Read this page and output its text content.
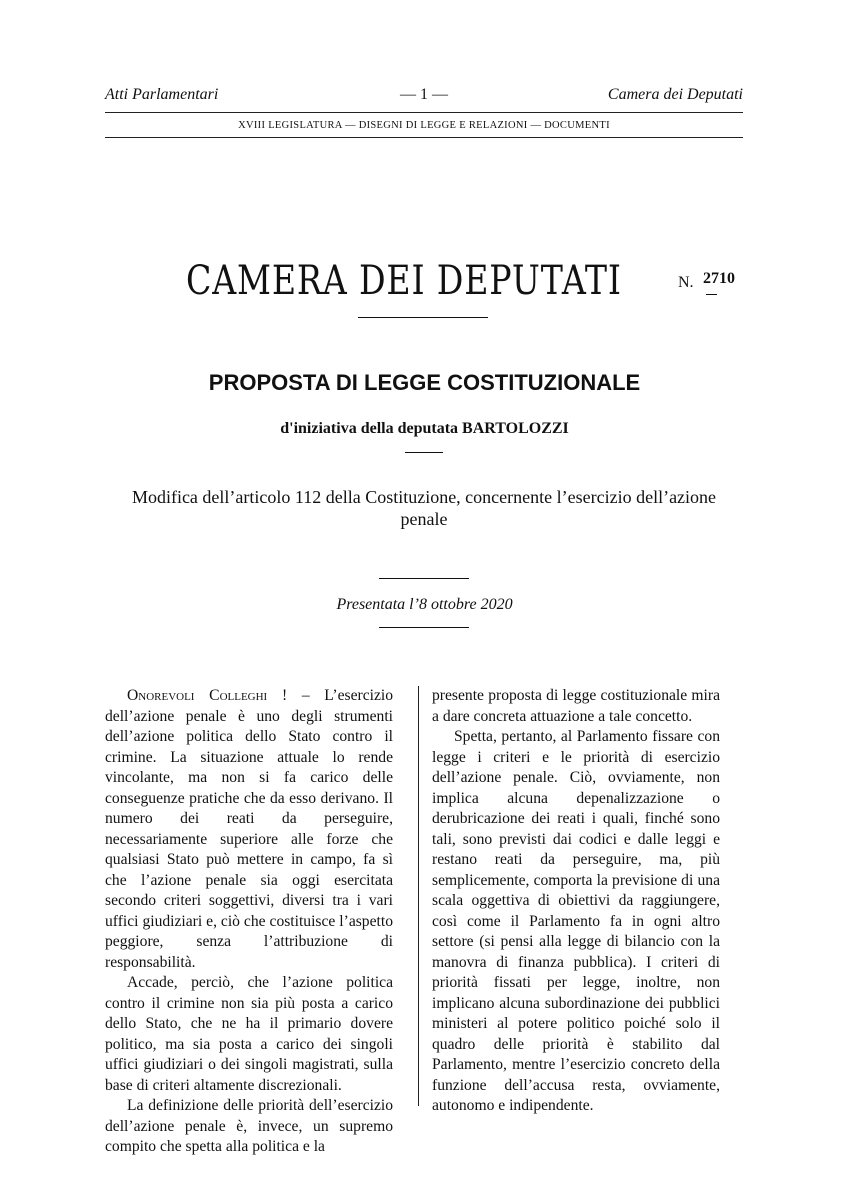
Atti Parlamentari	— 1 —	Camera dei Deputati
XVIII LEGISLATURA — DISEGNI DI LEGGE E RELAZIONI — DOCUMENTI
CAMERA DEI DEPUTATI	N. 2710
PROPOSTA DI LEGGE COSTITUZIONALE
d'iniziativa della deputata BARTOLOZZI
Modifica dell’articolo 112 della Costituzione, concernente l’esercizio dell’azione penale
Presentata l’8 ottobre 2020

Onorevoli Colleghi ! – L’esercizio dell’azione penale è uno degli strumenti dell’azione politica dello Stato contro il crimine. La situazione attuale lo rende vincolante, ma non si fa carico delle conseguenze pratiche che da esso derivano. Il numero dei reati da perseguire, necessariamente superiore alle forze che qualsiasi Stato può mettere in campo, fa sì che l’azione penale sia oggi esercitata secondo criteri soggettivi, diversi tra i vari uffici giudiziari e, ciò che costituisce l’aspetto peggiore, senza l’attribuzione di responsabilità.

Accade, perciò, che l’azione politica contro il crimine non sia più posta a carico dello Stato, che ne ha il primario dovere politico, ma sia posta a carico dei singoli uffici giudiziari o dei singoli magistrati, sulla base di criteri altamente discrezionali.

La definizione delle priorità dell’esercizio dell’azione penale è, invece, un supremo compito che spetta alla politica e la

presente proposta di legge costituzionale mira a dare concreta attuazione a tale concetto.

Spetta, pertanto, al Parlamento fissare con legge i criteri e le priorità di esercizio dell’azione penale. Ciò, ovviamente, non implica alcuna depenalizzazione o derubricazione dei reati i quali, finché sono tali, sono previsti dai codici e dalle leggi e restano reati da perseguire, ma, più semplicemente, comporta la previsione di una scala oggettiva di obiettivi da raggiungere, così come il Parlamento fa in ogni altro settore (si pensi alla legge di bilancio con la manovra di finanza pubblica). I criteri di priorità fissati per legge, inoltre, non implicano alcuna subordinazione dei pubblici ministeri al potere politico poiché solo il quadro delle priorità è stabilito dal Parlamento, mentre l’esercizio concreto della funzione dell’accusa resta, ovviamente, autonomo e indipendente.
